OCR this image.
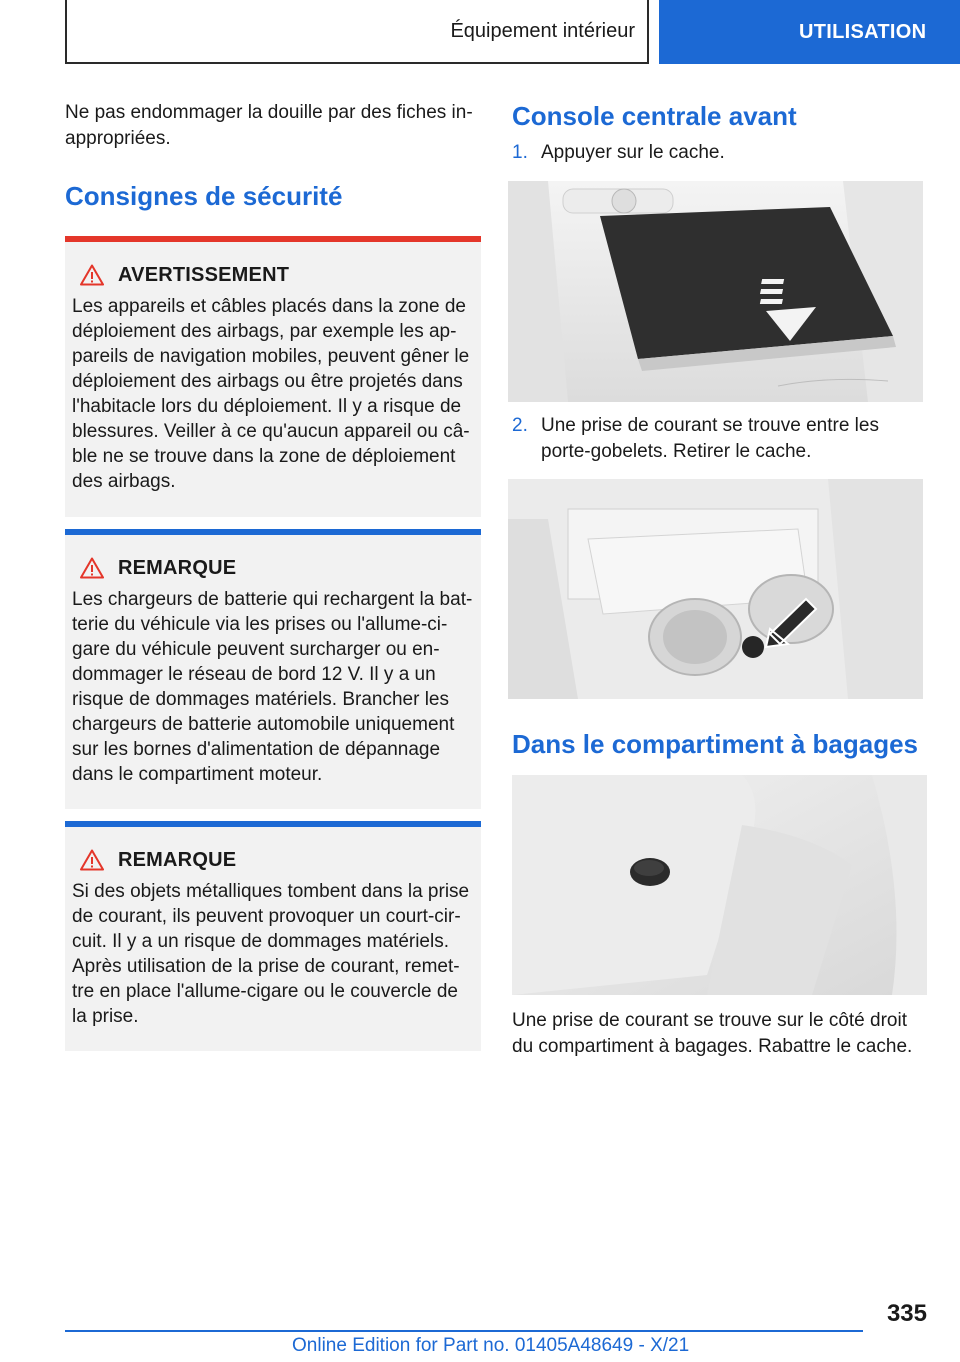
Équipement intérieur	UTILISATION

Ne pas endommager la douille par des fiches in-appropriées.

Consignes de sécurité
AVERTISSEMENT
Les appareils et câbles placés dans la zone de déploiement des airbags, par exemple les ap-pareils de navigation mobiles, peuvent gêner le déploiement des airbags ou être projetés dans l'habitacle lors du déploiement. Il y a risque de blessures. Veiller à ce qu'aucun appareil ou câ-ble ne se trouve dans la zone de déploiement des airbags.
REMARQUE
Les chargeurs de batterie qui rechargent la bat-terie du véhicule via les prises ou l'allume-ci-gare du véhicule peuvent surcharger ou en-dommager le réseau de bord 12 V. Il y a un risque de dommages matériels. Brancher les chargeurs de batterie automobile uniquement sur les bornes d'alimentation de dépannage dans le compartiment moteur.
REMARQUE
Si des objets métalliques tombent dans la prise de courant, ils peuvent provoquer un court-cir-cuit. Il y a un risque de dommages matériels. Après utilisation de la prise de courant, remet-tre en place l'allume-cigare ou le couvercle de la prise.
Console centrale avant
1. Appuyer sur le cache.
2. Une prise de courant se trouve entre les porte-gobelets. Retirer le cache.
Dans le compartiment à bagages

Une prise de courant se trouve sur le côté droit du compartiment à bagages. Rabattre le cache.

335
Online Edition for Part no. 01405A48649 - X/21
